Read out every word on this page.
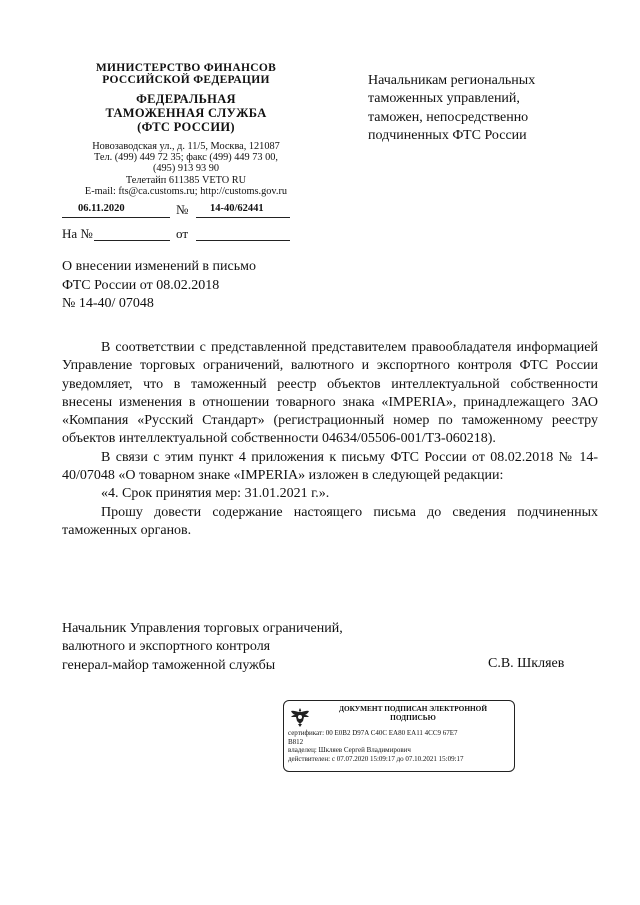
МИНИСТЕРСТВО ФИНАНСОВ
РОССИЙСКОЙ ФЕДЕРАЦИИ
ФЕДЕРАЛЬНАЯ
ТАМОЖЕННАЯ СЛУЖБА
(ФТС РОССИИ)
Новозаводская ул., д. 11/5, Москва, 121087
Тел. (499) 449 72 35; факс (499) 449 73 00,
(495) 913 93 90
Телетайп 611385 VETO RU
E-mail: fts@ca.customs.ru; http://customs.gov.ru
06.11.2020	№ 14-40/62441
На №	от
Начальникам региональных
таможенных управлений,
таможен, непосредственно
подчиненных ФТС России
О внесении изменений в письмо
ФТС России от 08.02.2018
№ 14-40/ 07048

В соответствии с представленной представителем правообладателя информацией Управление торговых ограничений, валютного и экспортного контроля ФТС России уведомляет, что в таможенный реестр объектов интеллектуальной собственности внесены изменения в отношении товарного знака «IMPERIA», принадлежащего ЗАО «Компания «Русский Стандарт» (регистрационный номер по таможенному реестру объектов интеллектуальной собственности 04634/05506-001/ТЗ-060218).

В связи с этим пункт 4 приложения к письму ФТС России от 08.02.2018 № 14-40/07048 «О товарном знаке «IMPERIA» изложен в следующей редакции:

«4. Срок принятия мер: 31.01.2021 г.».

Прошу довести содержание настоящего письма до сведения подчиненных таможенных органов.

Начальник Управления торговых ограничений,
валютного и экспортного контроля
генерал-майор таможенной службы	С.В. Шкляев
ДОКУМЕНТ ПОДПИСАН ЭЛЕКТРОННОЙ
ПОДПИСЬЮ
сертификат: 00 E0B2 D97A C40C EA80 EA11 4CC9 67E7
B812
владелец: Шкляев Сергей Владимирович
действителен: с 07.07.2020 15:09:17 до 07.10.2021 15:09:17
